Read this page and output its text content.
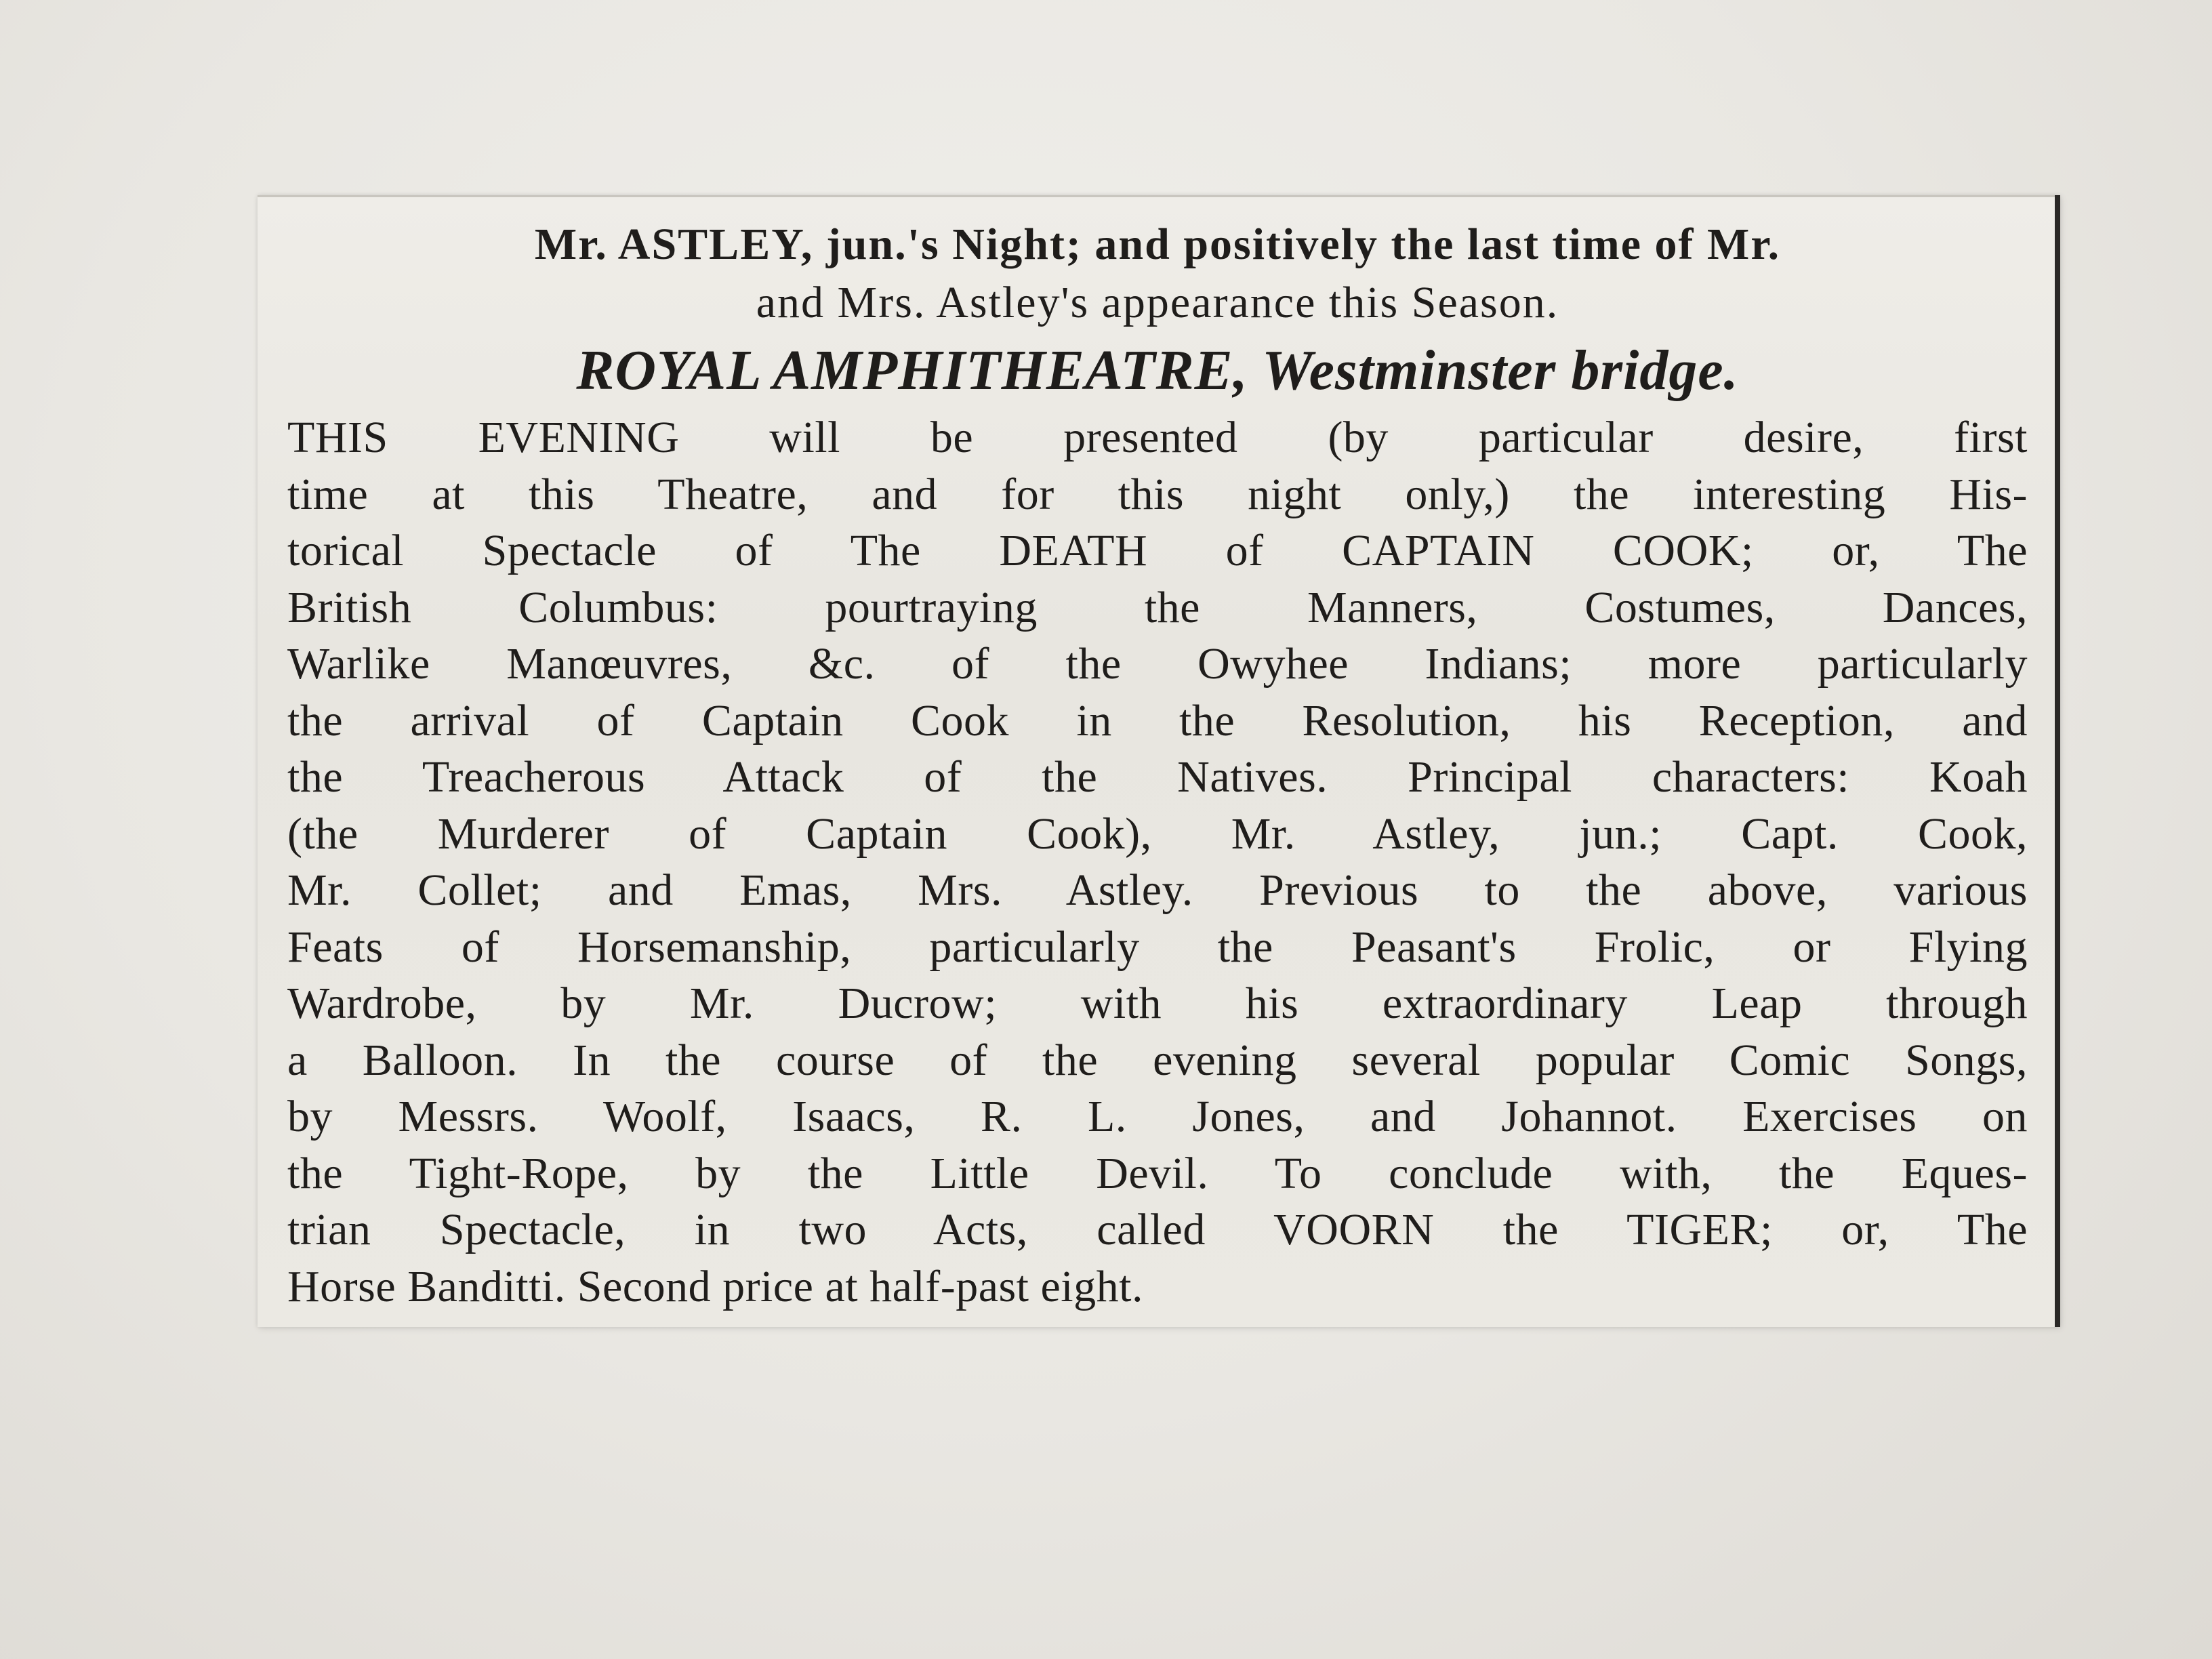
Mr. ASTLEY, jun.'s Night; and positively the last time of Mr.
and Mrs. Astley's appearance this Season.
ROYAL AMPHITHEATRE, Westminster bridge.
THIS EVENING will be presented (by particular desire, first
time at this Theatre, and for this night only,) the interesting His-
torical Spectacle of The DEATH of CAPTAIN COOK; or, The
British Columbus: pourtraying the Manners, Costumes, Dances,
Warlike Manœuvres, &c. of the Owyhee Indians; more particularly
the arrival of Captain Cook in the Resolution, his Reception, and
the Treacherous Attack of the Natives. Principal characters: Koah
(the Murderer of Captain Cook), Mr. Astley, jun.; Capt. Cook,
Mr. Collet; and Emas, Mrs. Astley. Previous to the above, various
Feats of Horsemanship, particularly the Peasant's Frolic, or Flying
Wardrobe, by Mr. Ducrow; with his extraordinary Leap through
a Balloon. In the course of the evening several popular Comic Songs,
by Messrs. Woolf, Isaacs, R. L. Jones, and Johannot. Exercises on
the Tight-Rope, by the Little Devil. To conclude with, the Eques-
trian Spectacle, in two Acts, called VOORN the TIGER; or, The
Horse Banditti. Second price at half-past eight.
